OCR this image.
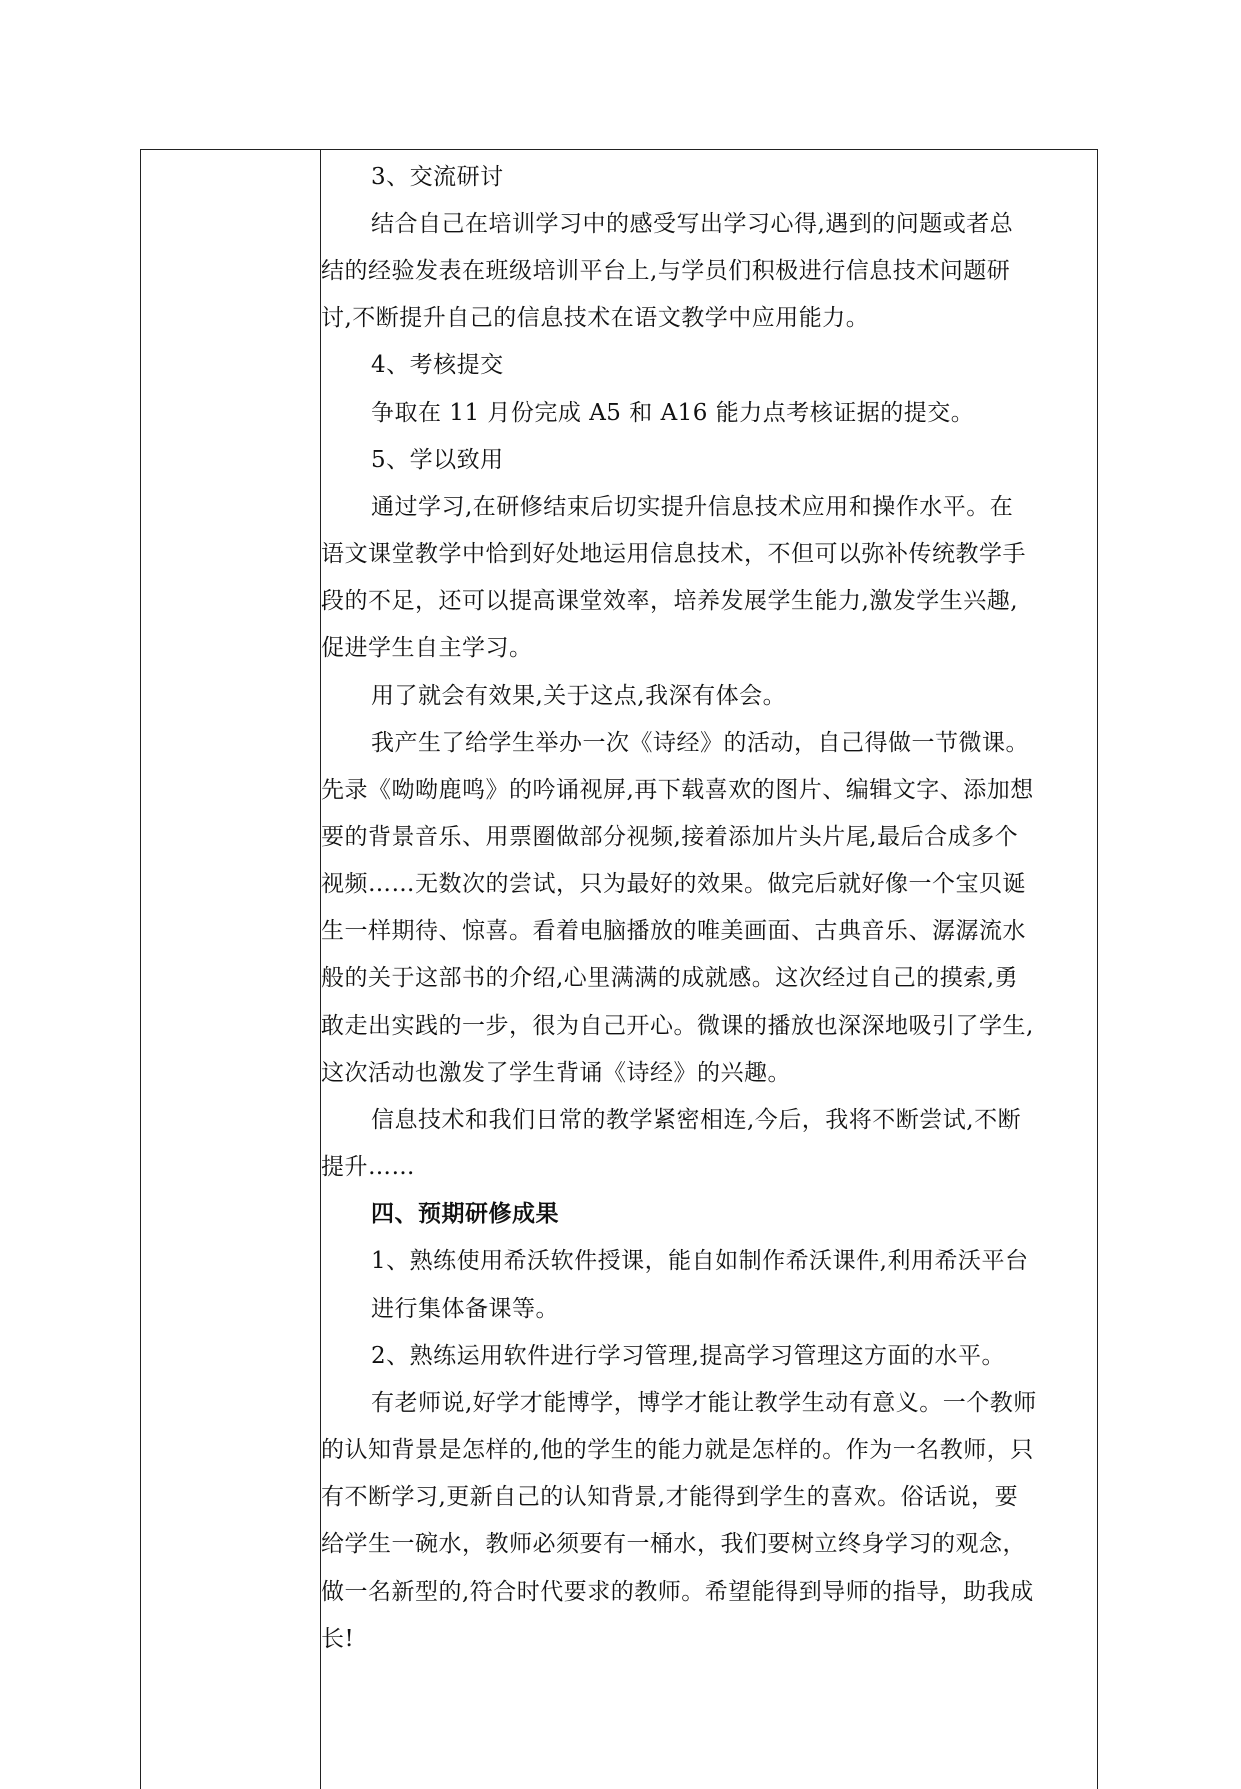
3、交流研讨
结合自己在培训学习中的感受写出学习心得,遇到的问题或者总
结的经验发表在班级培训平台上,与学员们积极进行信息技术问题研
讨,不断提升自己的信息技术在语文教学中应用能力。
4、考核提交
争取在 11 月份完成 A5 和 A16 能力点考核证据的提交。
5、学以致用
通过学习,在研修结束后切实提升信息技术应用和操作水平。在
语文课堂教学中恰到好处地运用信息技术，不但可以弥补传统教学手
段的不足，还可以提高课堂效率，培养发展学生能力,激发学生兴趣,
促进学生自主学习。
用了就会有效果,关于这点,我深有体会。
我产生了给学生举办一次《诗经》的活动，自己得做一节微课。
先录《呦呦鹿鸣》的吟诵视屏,再下载喜欢的图片、编辑文字、添加想
要的背景音乐、用票圈做部分视频,接着添加片头片尾,最后合成多个
视频……无数次的尝试，只为最好的效果。做完后就好像一个宝贝诞
生一样期待、惊喜。看着电脑播放的唯美画面、古典音乐、潺潺流水
般的关于这部书的介绍,心里满满的成就感。这次经过自己的摸索,勇
敢走出实践的一步，很为自己开心。微课的播放也深深地吸引了学生,
这次活动也激发了学生背诵《诗经》的兴趣。
信息技术和我们日常的教学紧密相连,今后，我将不断尝试,不断
提升……
四、预期研修成果
1、熟练使用希沃软件授课，能自如制作希沃课件,利用希沃平台
进行集体备课等。
2、熟练运用软件进行学习管理,提高学习管理这方面的水平。
有老师说,好学才能博学，博学才能让教学生动有意义。一个教师
的认知背景是怎样的,他的学生的能力就是怎样的。作为一名教师，只
有不断学习,更新自己的认知背景,才能得到学生的喜欢。俗话说，要
给学生一碗水，教师必须要有一桶水，我们要树立终身学习的观念，
做一名新型的,符合时代要求的教师。希望能得到导师的指导，助我成
长!
